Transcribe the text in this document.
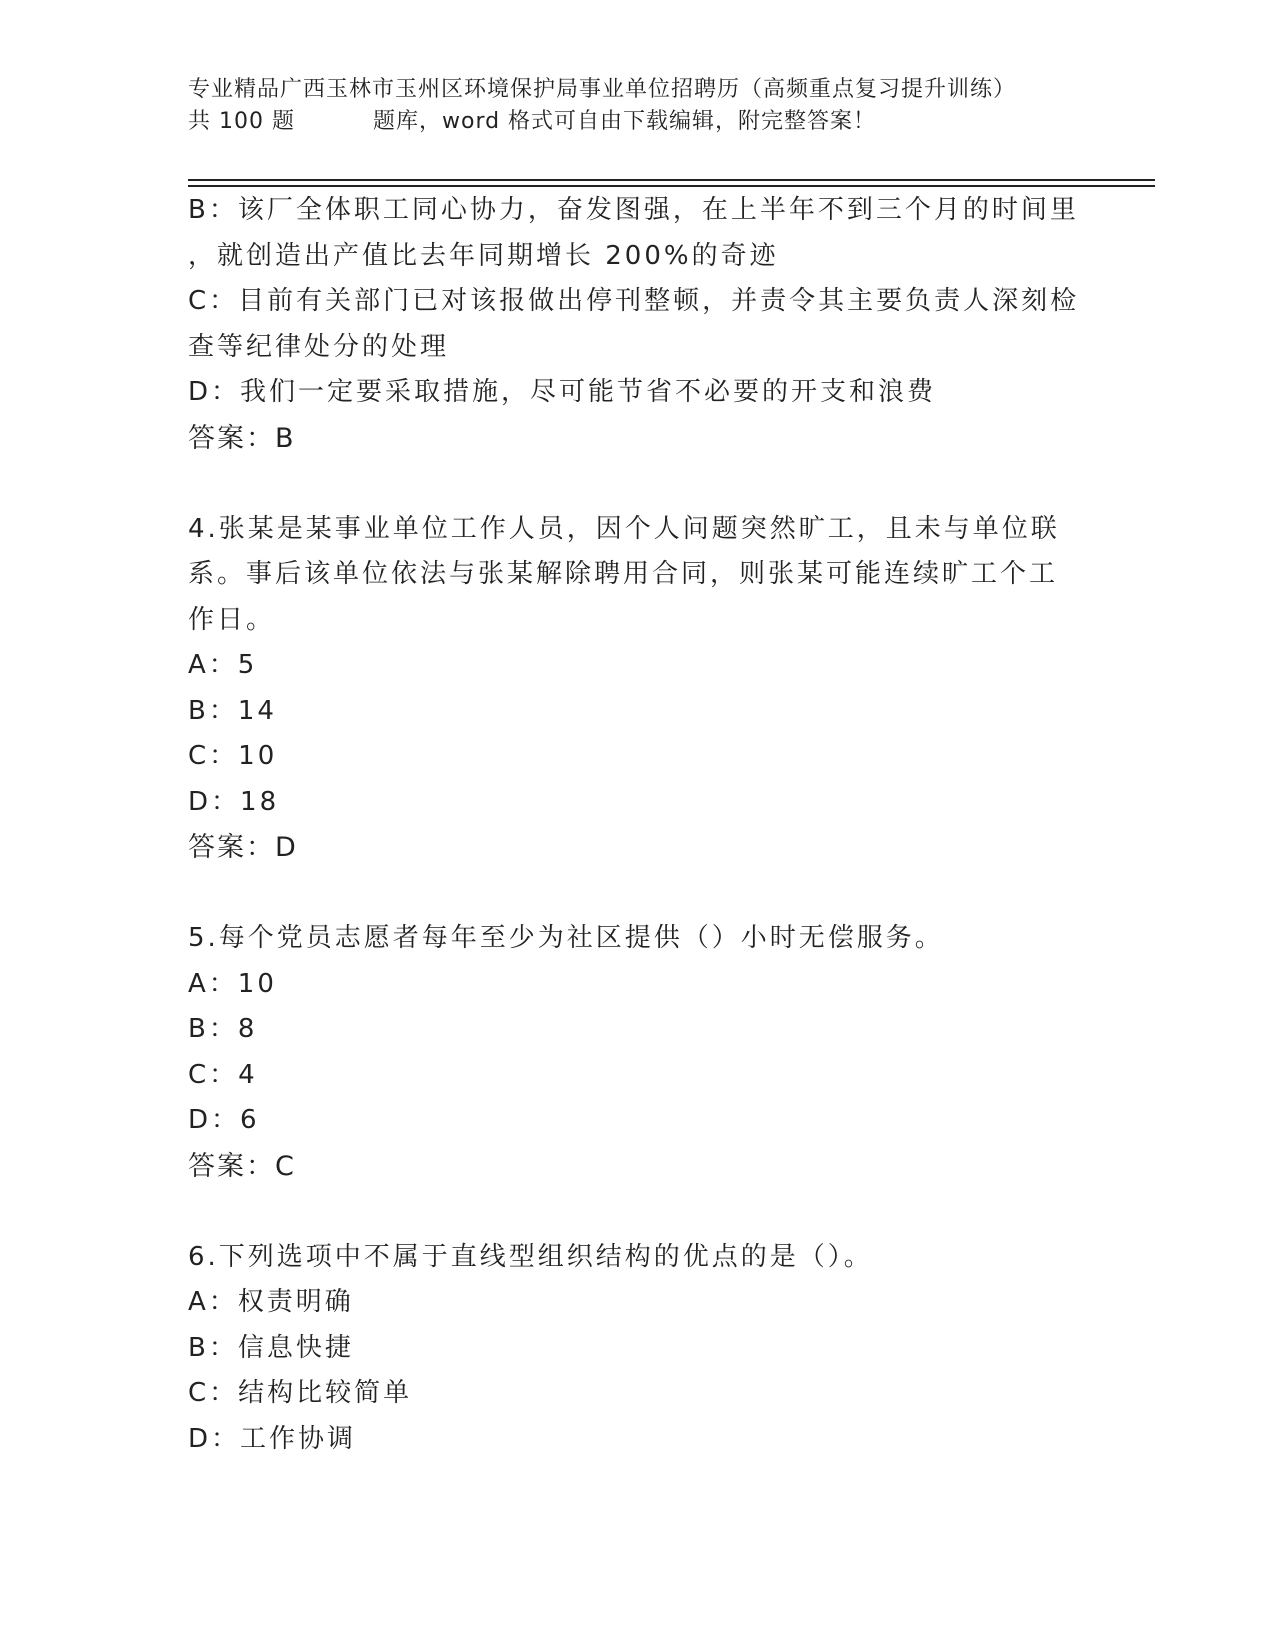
专业精品广西玉林市玉州区环境保护局事业单位招聘历（高频重点复习提升训练）
共 100 题	题库，word 格式可自由下载编辑，附完整答案！
B：该厂全体职工同心协力，奋发图强，在上半年不到三个月的时间里
，就创造出产值比去年同期增长 200%的奇迹
C：目前有关部门已对该报做出停刊整顿，并责令其主要负责人深刻检
查等纪律处分的处理
D：我们一定要采取措施，尽可能节省不必要的开支和浪费
答案：B
4.张某是某事业单位工作人员，因个人问题突然旷工，且未与单位联
系。事后该单位依法与张某解除聘用合同，则张某可能连续旷工个工
作日。
A：5
B：14
C：10
D：18
答案：D
5.每个党员志愿者每年至少为社区提供（）小时无偿服务。
A：10
B：8
C：4
D：6
答案：C
6.下列选项中不属于直线型组织结构的优点的是（）。
A：权责明确
B：信息快捷
C：结构比较简单
D：工作协调
